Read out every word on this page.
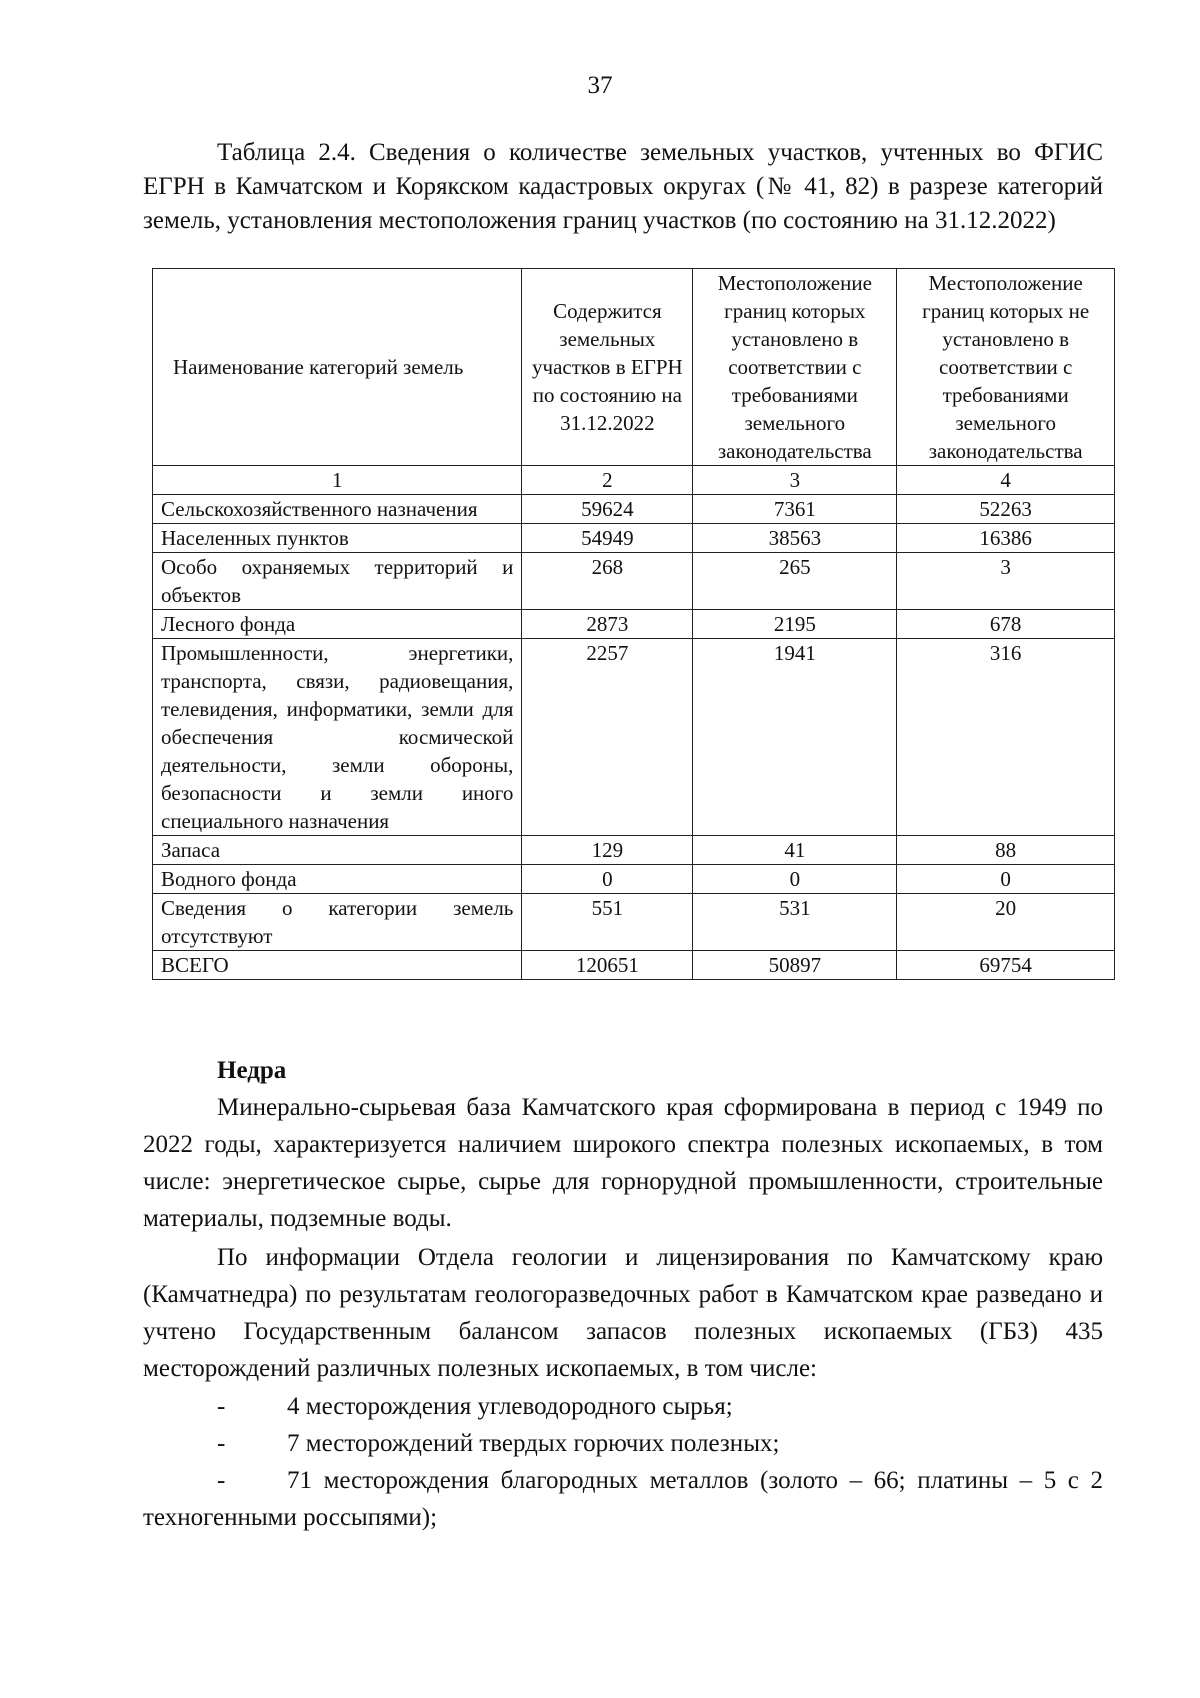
37

Таблица 2.4. Сведения о количестве земельных участков, учтенных во ФГИС ЕГРН в Камчатском и Корякском кадастровых округах (№ 41, 82) в разрезе категорий земель, установления местоположения границ участков (по состоянию на 31.12.2022)

Наименование категорий земель	Содержится земельных участков в ЕГРН по состоянию на 31.12.2022	Местоположение границ которых установлено в соответствии с требованиями земельного законодательства	Местоположение границ которых не установлено в соответствии с требованиями земельного законодательства
1	2	3	4
Сельскохозяйственного назначения	59624	7361	52263
Населенных пунктов	54949	38563	16386
Особо охраняемых территорий и объектов	268	265	3
Лесного фонда	2873	2195	678
Промышленности, энергетики, транспорта, связи, радиовещания, телевидения, информатики, земли для обеспечения космической деятельности, земли обороны, безопасности и земли иного специального назначения	2257	1941	316
Запаса	129	41	88
Водного фонда	0	0	0
Сведения о категории земель отсутствуют	551	531	20
ВСЕГО	120651	50897	69754

Недра

Минерально-сырьевая база Камчатского края сформирована в период с 1949 по 2022 годы, характеризуется наличием широкого спектра полезных ископаемых, в том числе: энергетическое сырье, сырье для горнорудной промышленности, строительные материалы, подземные воды.

По информации Отдела геологии и лицензирования по Камчатскому краю (Камчатнедра) по результатам геологоразведочных работ в Камчатском крае разведано и учтено Государственным балансом запасов полезных ископаемых (ГБЗ) 435 месторождений различных полезных ископаемых, в том числе:

- 4 месторождения углеводородного сырья;
- 7 месторождений твердых горючих полезных;
- 71 месторождения благородных металлов (золото – 66; платины – 5 с 2 техногенными россыпями);
